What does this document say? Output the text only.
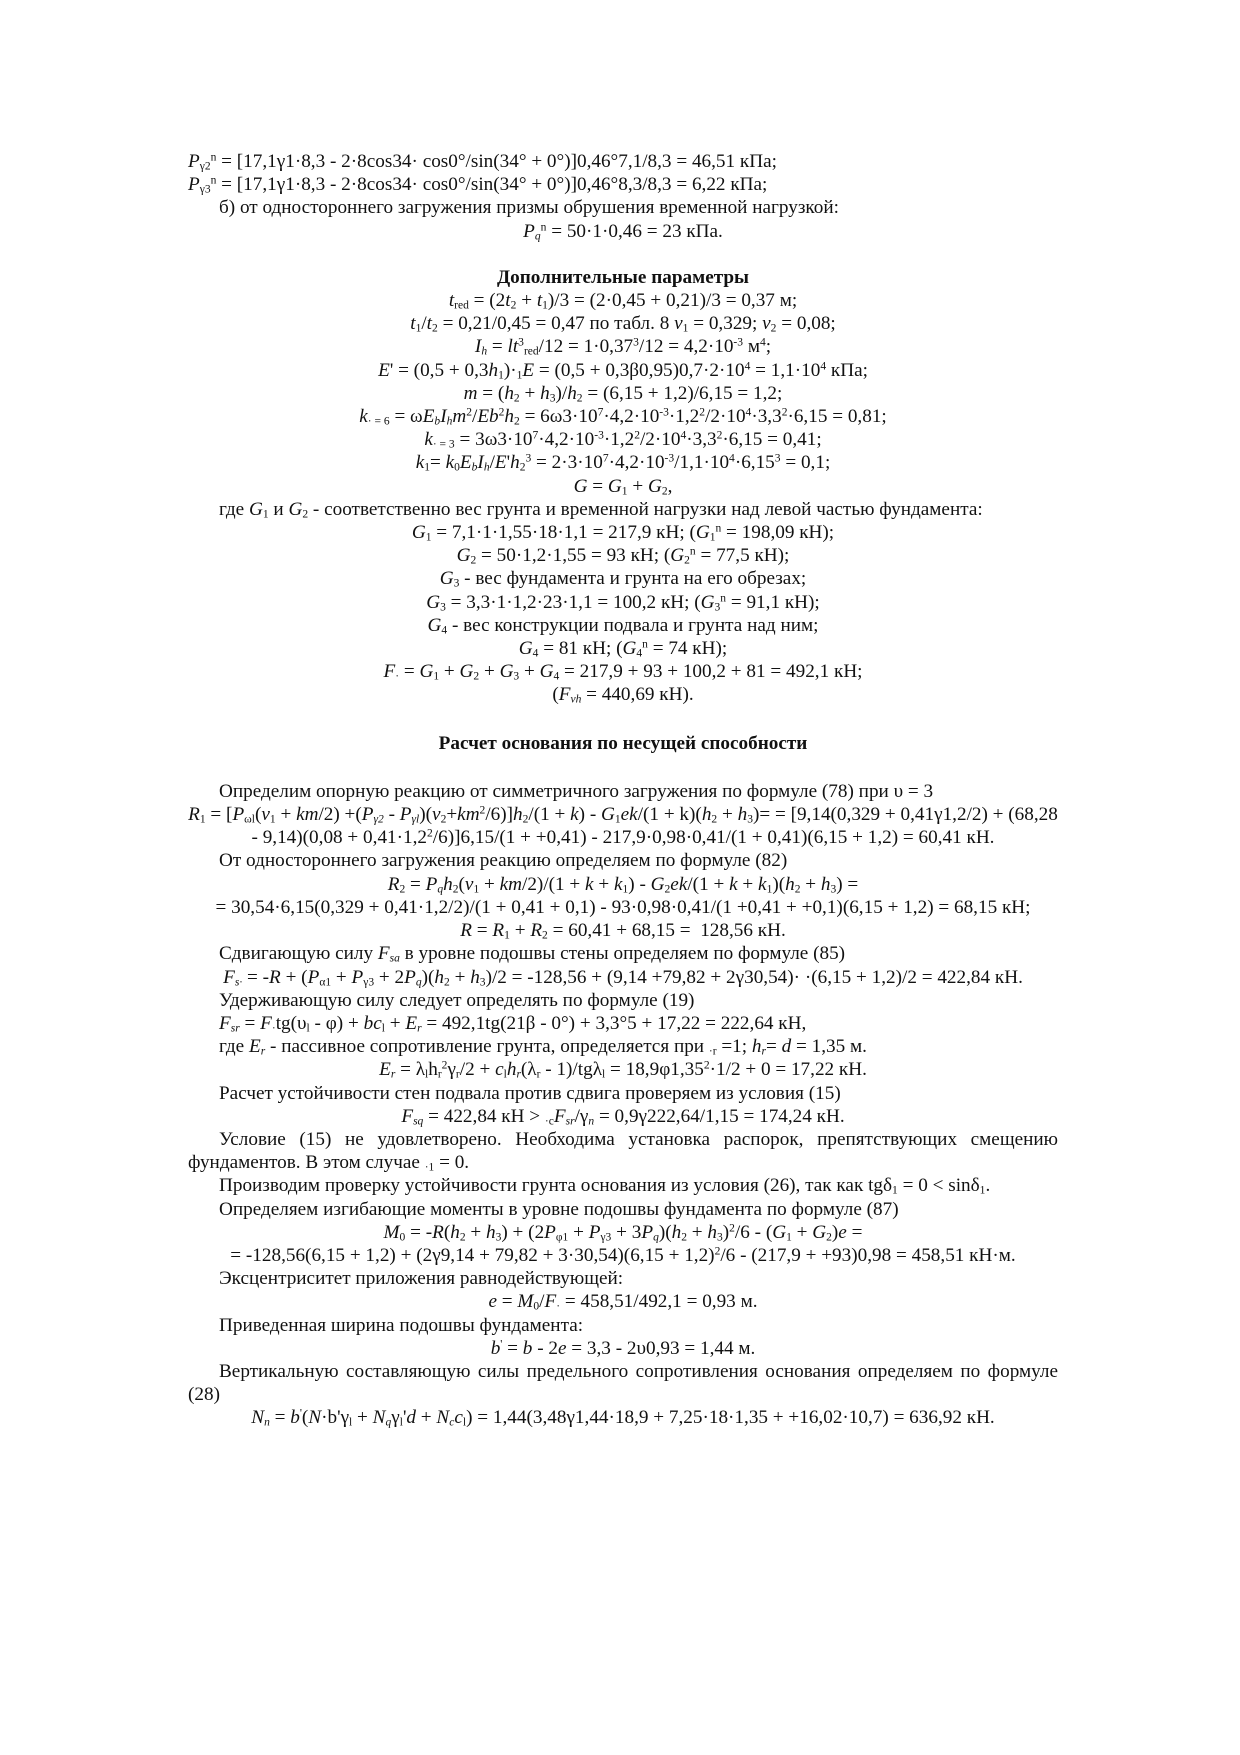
$P_{\gamma 2}^n = [17,1\gamma 1\cdot 8,3 - 2\cdot 8\cos 34\cdot \cos 0^\circ/\sin(34^\circ + 0^\circ)]0,46^\circ 7,1/8,3 = 46,51$ кПа;

$P_{\gamma 3}^n = [17,1\gamma 1\cdot 8,3 - 2\cdot 8\cos 34\cdot \cos 0^\circ/\sin(34^\circ + 0^\circ)]0,46^\circ 8,3/8,3 = 6,22$ кПа;

б) от одностороннего загружения призмы обрушения временной нагрузкой:

$P_q^n = 50\cdot 1\cdot 0,46 = 23$ кПа.

Дополнительные параметры

$t_{red} = (2t_2 + t_1)/3 = (2\cdot 0,45 + 0,21)/3 = 0,37$ м;

$t_1/t_2 = 0,21/0,45 = 0,47$ по табл. 8 $\nu_1 = 0,329$; $\nu_2 = 0,08$;

$I_h = lt^3_{red}/12 = 1\cdot 0,37^3/12 = 4,2\cdot 10^{-3}$ $м^4$;

$E' = (0,5 + 0,3h_1)\cdot_1E = (0,5 + 0,3\beta 0,95)0,7\cdot 2\cdot 10^4 = 1,1\cdot 10^4$ кПа;

$m = (h_2 + h_3)/h_2 = (6,15 + 1,2)/6,15 = 1,2$;

$k_{\cdot = 6} = \omega E_bI_hm^2/Eb^2h_2 = 6\omega 3\cdot 10^7\cdot 4,2\cdot 10^{-3}\cdot 1,2^2/2\cdot 10^4\cdot 3,3^2\cdot 6,15 = 0,81$;

$k_{\cdot = 3} = 3\omega 3\cdot 10^7\cdot 4,2\cdot 10^{-3}\cdot 1,2^2/2\cdot 10^4\cdot 3,3^2\cdot 6,15 = 0,41$;

$k_1= k_0E_bI_h/E'h_2^3 = 2\cdot 3\cdot 10^7\cdot 4,2\cdot 10^{-3}/1,1\cdot 10^4\cdot 6,15^3 = 0,1$;

$G = G_1 + G_2$,

где $G_1$ и $G_2$ - соответственно вес грунта и временной нагрузки над левой частью фундамента:

$G_1 = 7,1\cdot 1\cdot 1,55\cdot 18\cdot 1,1 = 217,9$ кН; ($G_1^n = 198,09$ кН);

$G_2 = 50\cdot 1,2\cdot 1,55 = 93$ кН; ($G_2^n = 77,5$ кН);

$G_3$ - вес фундамента и грунта на его обрезах;

$G_3 = 3,3\cdot 1\cdot 1,2\cdot 23\cdot 1,1 = 100,2$ кН; ($G_3^n = 91,1$ кН);

$G_4$ - вес конструкции подвала и грунта над ним;

$G_4 = 81$ кН; ($G_4^n = 74$ кН);

$F_\cdot = G_1 + G_2 + G_3 + G_4 = 217,9 + 93 + 100,2 + 81 = 492,1$ кН;

($F_{\nu h} = 440,69$ кН).

Расчет основания по несущей способности

Определим опорную реакцию от симметричного загружения по формуле (78) при υ = 3

$R_1 = [P_{\omega l}(\nu_1 + km/2) +(P_{\gamma 2} - P_{\gamma l})(\nu_2+km^2/6)]h_2/(1 + k) - G_1ek/(1 + k)(h_2 + h_3)= = [9,14(0,329 + 0,41\gamma 1,2/2) + (68,28 - 9,14)(0,08 + 0,41\cdot 1,2^2/6)]6,15/(1 + +0,41) - 217,9\cdot 0,98\cdot 0,41/(1 + 0,41)(6,15 + 1,2) = 60,41$ кН.

От одностороннего загружения реакцию определяем по формуле (82)

$R_2 = P_qh_2(\nu_1 + km/2)/(1 + k + k_1) - G_2ek/(1 + k + k_1)(h_2 + h_3)$ =

= 30,54·6,15(0,329 + 0,41·1,2/2)/(1 + 0,41 + 0,1) - 93·0,98·0,41/(1 +0,41 + +0,1)(6,15 + 1,2) = 68,15 кН;

$R = R_1 + R_2 = 60,41 + 68,15 = 128,56$ кН.

Сдвигающую силу $F_{sa}$ в уровне подошвы стены определяем по формуле (85)

$F_{s\cdot} = -R + (P_{\alpha 1} + P_{\gamma 3} + 2P_q)(h_2 + h_3)/2 = -128,56 + (9,14 +79,82 + 2\gamma 30,54)\cdot \cdot(6,15 + 1,2)/2 = 422,84$ кН.

Удерживающую силу следует определять по формуле (19)

$F_{sr} = F_\cdot tg(\upsilon_l - \varphi) + bc_l + E_r = 492,1tg(21\beta - 0^\circ) + 3,3^\circ 5 + 17,22 = 222,64$ кН,

где $E_r$ - пассивное сопротивление грунта, определяется при $_{\cdot r}$ =1; $h_r= d = 1,35$ м.

$E_r = \lambda_lh_r^2\gamma_r/2 + c_lh_r(\lambda_r - 1)/tg\lambda_l = 18,9\varphi 1,35^2\cdot 1/2 + 0 = 17,22$ кН.

Расчет устойчивости стен подвала против сдвига проверяем из условия (15)

$F_{sq} = 422,84$ кН > $_{\cdot c}F_{sr}/\gamma_n = 0,9\gamma 222,64/1,15 = 174,24$ кН.

Условие (15) не удовлетворено. Необходима установка распорок, препятствующих смещению фундаментов. В этом случае $_{\cdot 1}$ = 0.

Производим проверку устойчивости грунта основания из условия (26), так как tgδ$_1$ = 0 < sinδ$_1$.

Определяем изгибающие моменты в уровне подошвы фундамента по формуле (87)

$M_0 = -R(h_2 + h_3) + (2P_{\varphi 1} + P_{\gamma 3} + 3P_q)(h_2 + h_3)^2/6 - (G_1 + G_2)e$ =

= $-128,56(6,15 + 1,2) + (2\gamma 9,14 + 79,82 + 3\cdot 30,54)(6,15 + 1,2)^2/6 - (217,9 + +93)0,98 = 458,51$ кН·м.

Эксцентриситет приложения равнодействующей:

$e = M_0/F_\cdot = 458,51/492,1 = 0,93$ м.

Приведенная ширина подошвы фундамента:

b' = b - 2e = 3,3 - 2υ0,93 = 1,44 м.

Вертикальную составляющую силы предельного сопротивления основания определяем по формуле (28)

$N_n = b'(N\cdot b'\gamma_l + N_q\gamma_l'd + N_cc_l) = 1,44(3,48\gamma 1,44\cdot 18,9 + 7,25\cdot 18\cdot 1,35 + +16,02\cdot 10,7) = 636,92$ кН.
